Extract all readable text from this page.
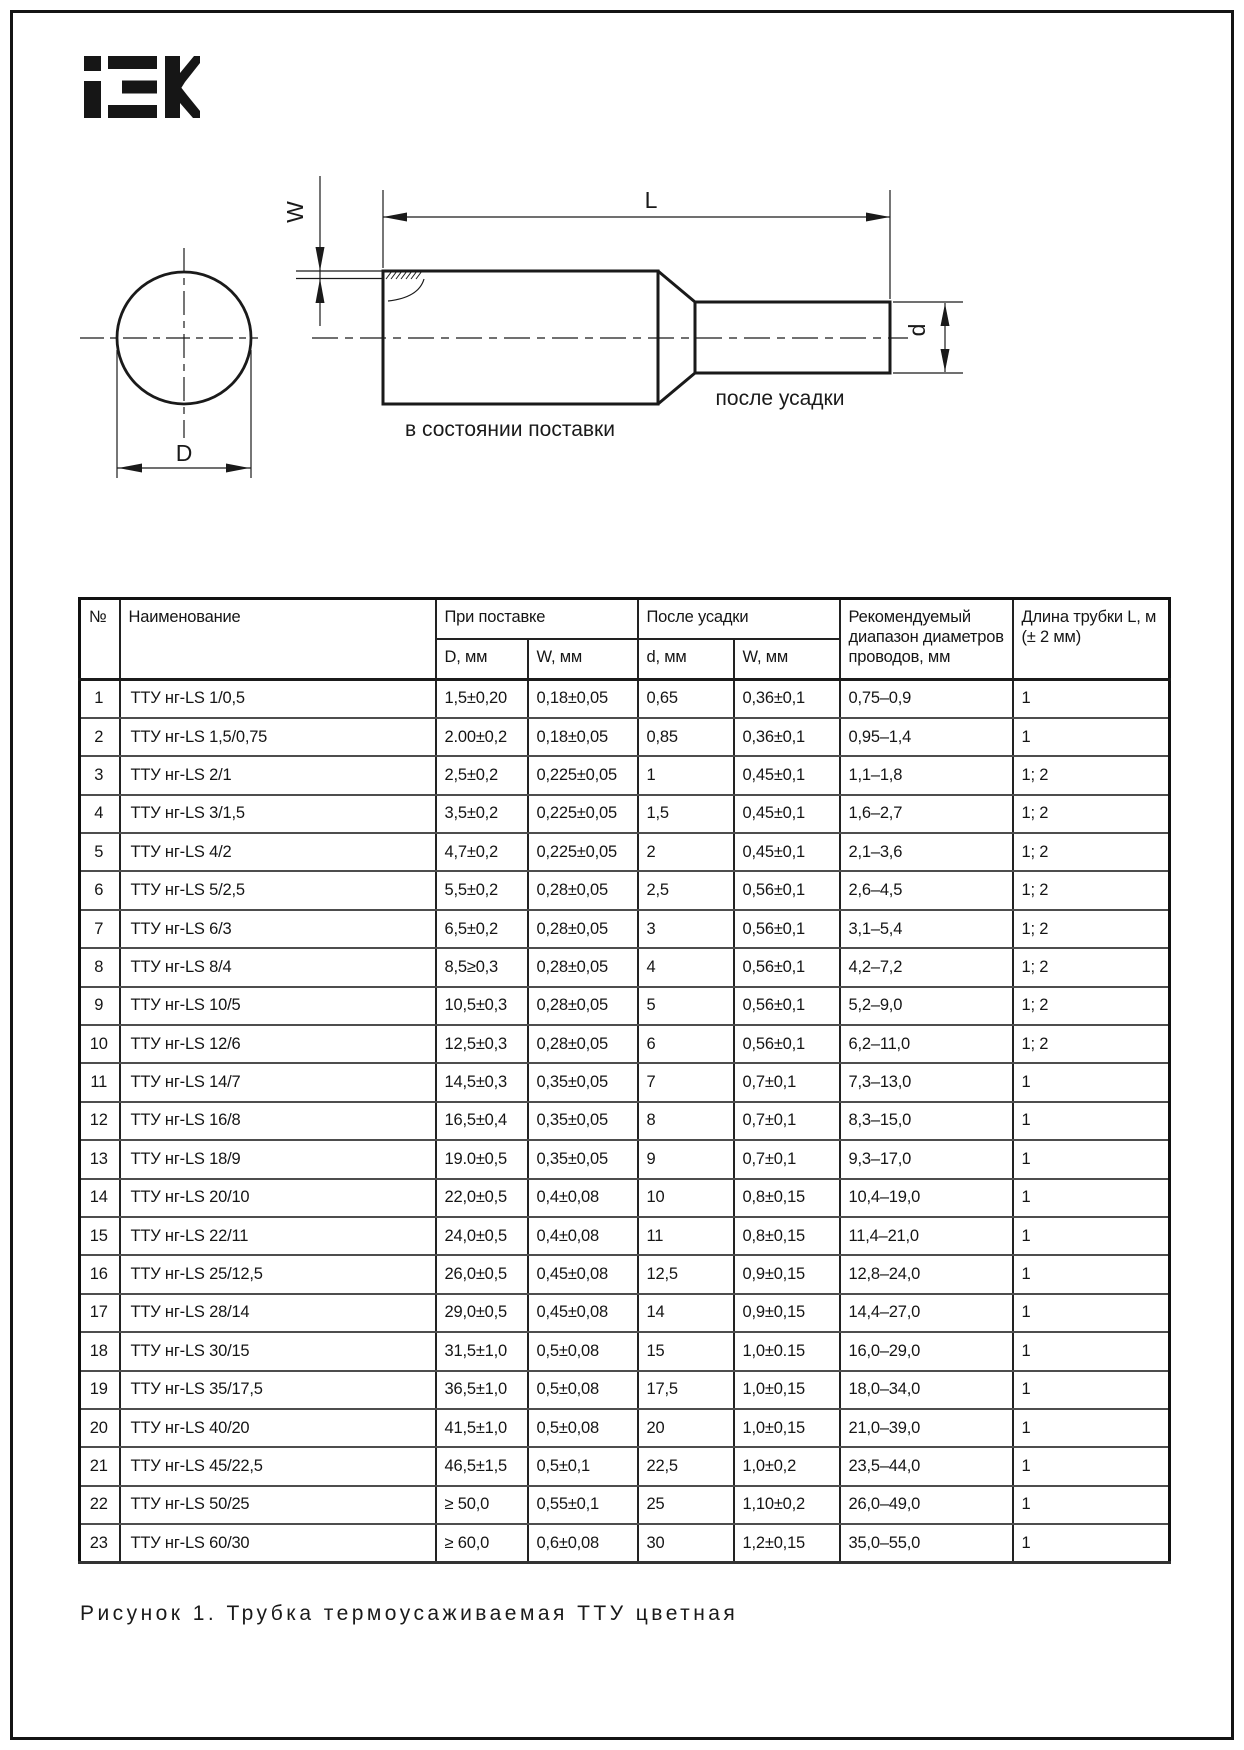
W	L
D
d
в состоянии поставки
после усадки
№	Наименование	При поставке		После усадки		Рекомендуемый диапазон диаметров проводов, мм	Длина трубки L, м (± 2 мм)
		D, мм	W, мм	d, мм	W, мм		
1	ТТУ нг-LS 1/0,5	1,5±0,20	0,18±0,05	0,65	0,36±0,1	0,75–0,9	1
2	ТТУ нг-LS 1,5/0,75	2.00±0,2	0,18±0,05	0,85	0,36±0,1	0,95–1,4	1
3	ТТУ нг-LS 2/1	2,5±0,2	0,225±0,05	1	0,45±0,1	1,1–1,8	1; 2
4	ТТУ нг-LS 3/1,5	3,5±0,2	0,225±0,05	1,5	0,45±0,1	1,6–2,7	1; 2
5	ТТУ нг-LS 4/2	4,7±0,2	0,225±0,05	2	0,45±0,1	2,1–3,6	1; 2
6	ТТУ нг-LS 5/2,5	5,5±0,2	0,28±0,05	2,5	0,56±0,1	2,6–4,5	1; 2
7	ТТУ нг-LS 6/3	6,5±0,2	0,28±0,05	3	0,56±0,1	3,1–5,4	1; 2
8	ТТУ нг-LS 8/4	8,5≥0,3	0,28±0,05	4	0,56±0,1	4,2–7,2	1; 2
9	ТТУ нг-LS 10/5	10,5±0,3	0,28±0,05	5	0,56±0,1	5,2–9,0	1; 2
10	ТТУ нг-LS 12/6	12,5±0,3	0,28±0,05	6	0,56±0,1	6,2–11,0	1; 2
11	ТТУ нг-LS 14/7	14,5±0,3	0,35±0,05	7	0,7±0,1	7,3–13,0	1
12	ТТУ нг-LS 16/8	16,5±0,4	0,35±0,05	8	0,7±0,1	8,3–15,0	1
13	ТТУ нг-LS 18/9	19.0±0,5	0,35±0,05	9	0,7±0,1	9,3–17,0	1
14	ТТУ нг-LS 20/10	22,0±0,5	0,4±0,08	10	0,8±0,15	10,4–19,0	1
15	ТТУ нг-LS 22/11	24,0±0,5	0,4±0,08	11	0,8±0,15	11,4–21,0	1
16	ТТУ нг-LS 25/12,5	26,0±0,5	0,45±0,08	12,5	0,9±0,15	12,8–24,0	1
17	ТТУ нг-LS 28/14	29,0±0,5	0,45±0,08	14	0,9±0,15	14,4–27,0	1
18	ТТУ нг-LS 30/15	31,5±1,0	0,5±0,08	15	1,0±0.15	16,0–29,0	1
19	ТТУ нг-LS 35/17,5	36,5±1,0	0,5±0,08	17,5	1,0±0,15	18,0–34,0	1
20	ТТУ нг-LS 40/20	41,5±1,0	0,5±0,08	20	1,0±0,15	21,0–39,0	1
21	ТТУ нг-LS 45/22,5	46,5±1,5	0,5±0,1	22,5	1,0±0,2	23,5–44,0	1
22	ТТУ нг-LS 50/25	≥ 50,0	0,55±0,1	25	1,10±0,2	26,0–49,0	1
23	ТТУ нг-LS 60/30	≥ 60,0	0,6±0,08	30	1,2±0,15	35,0–55,0	1
Рисунок 1. Трубка термоусаживаемая ТТУ цветная
